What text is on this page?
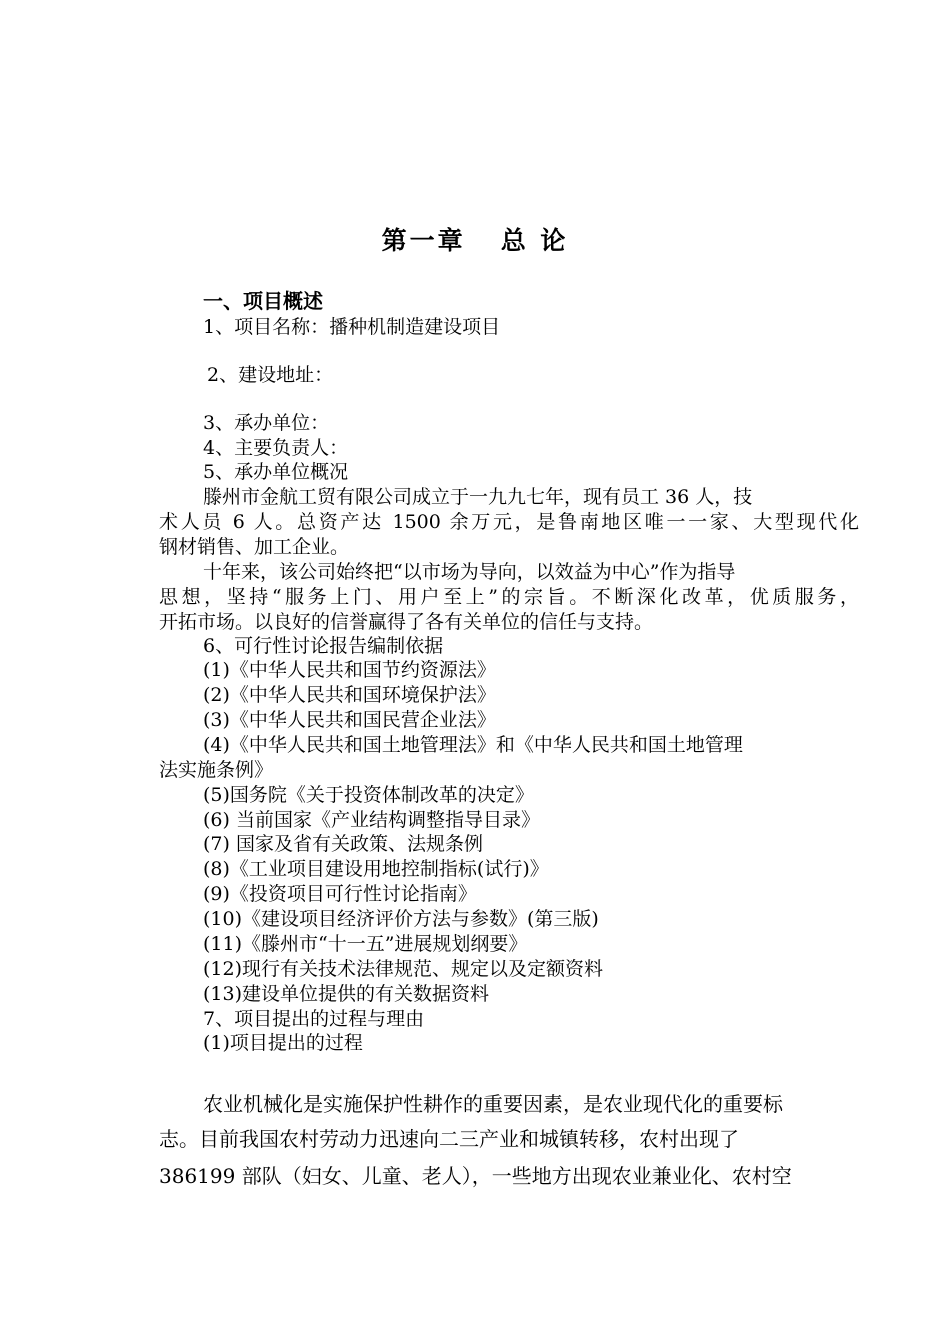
第一章   总 论

一、项目概述

1、项目名称：播种机制造建设项目

2、建设地址：

3、承办单位：

4、主要负责人：

5、承办单位概况

滕州市金航工贸有限公司成立于一九九七年，现有员工 36 人，技

术人员 6 人。总资产达 1500 余万元，是鲁南地区唯一一家、大型现代化

钢材销售、加工企业。

十年来，该公司始终把“以市场为导向，以效益为中心”作为指导

思想，坚持“服务上门、用户至上”的宗旨。不断深化改革，优质服务，

开拓市场。以良好的信誉赢得了各有关单位的信任与支持。

6、可行性讨论报告编制依据

(1)《中华人民共和国节约资源法》

(2)《中华人民共和国环境保护法》

(3)《中华人民共和国民营企业法》

(4)《中华人民共和国土地管理法》和《中华人民共和国土地管理

法实施条例》

(5)国务院《关于投资体制改革的决定》

(6) 当前国家《产业结构调整指导目录》

(7) 国家及省有关政策、法规条例

(8)《工业项目建设用地控制指标(试行)》

(9)《投资项目可行性讨论指南》

(10)《建设项目经济评价方法与参数》(第三版)

(11)《滕州市“十一五”进展规划纲要》

(12)现行有关技术法律规范、规定以及定额资料

(13)建设单位提供的有关数据资料

7、项目提出的过程与理由

(1)项目提出的过程

农业机械化是实施保护性耕作的重要因素，是农业现代化的重要标

志。目前我国农村劳动力迅速向二三产业和城镇转移，农村出现了

386199 部队（妇女、儿童、老人），一些地方出现农业兼业化、农村空
